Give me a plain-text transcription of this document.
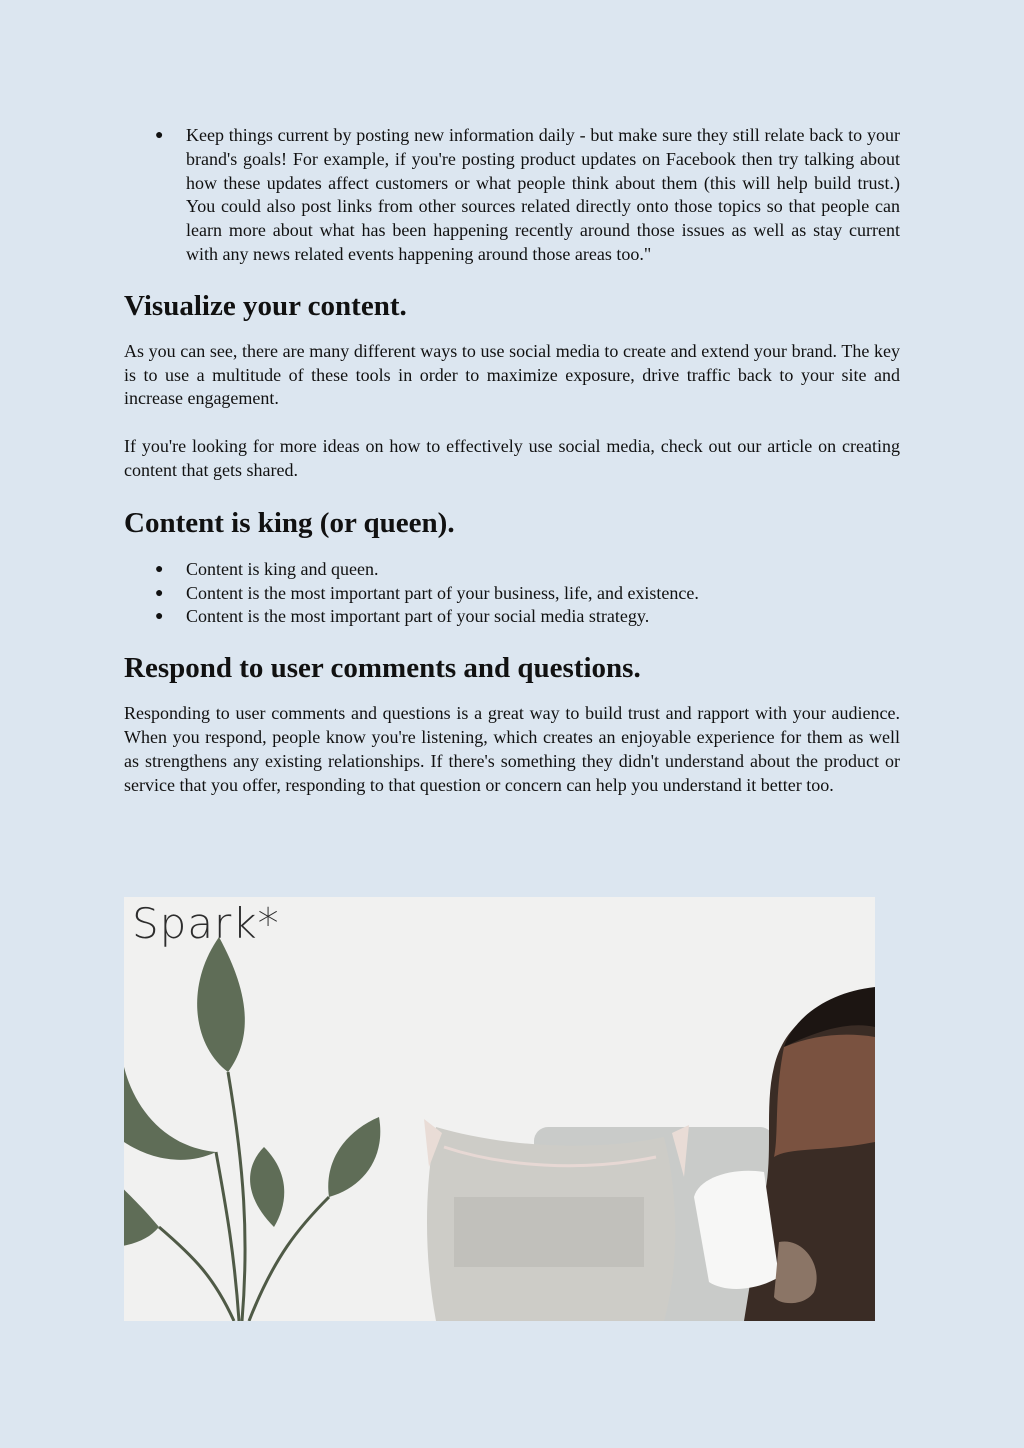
● Keep things current by posting new information daily - but make sure they still relate back to your brand's goals! For example, if you're posting product updates on Facebook then try talking about how these updates affect customers or what people think about them (this will help build trust.) You could also post links from other sources related directly onto those topics so that people can learn more about what has been happening recently around those issues as well as stay current with any news related events happening around those areas too."
Visualize your content.

As you can see, there are many different ways to use social media to create and extend your brand. The key is to use a multitude of these tools in order to maximize exposure, drive traffic back to your site and increase engagement.

If you're looking for more ideas on how to effectively use social media, check out our article on creating content that gets shared.

Content is king (or queen).
● Content is king and queen.
● Content is the most important part of your business, life, and existence.
● Content is the most important part of your social media strategy.
Respond to user comments and questions.

Responding to user comments and questions is a great way to build trust and rapport with your audience. When you respond, people know you're listening, which creates an enjoyable experience for them as well as strengthens any existing relationships. If there's something they didn't understand about the product or service that you offer, responding to that question or concern can help you understand it better too.

Spark*
